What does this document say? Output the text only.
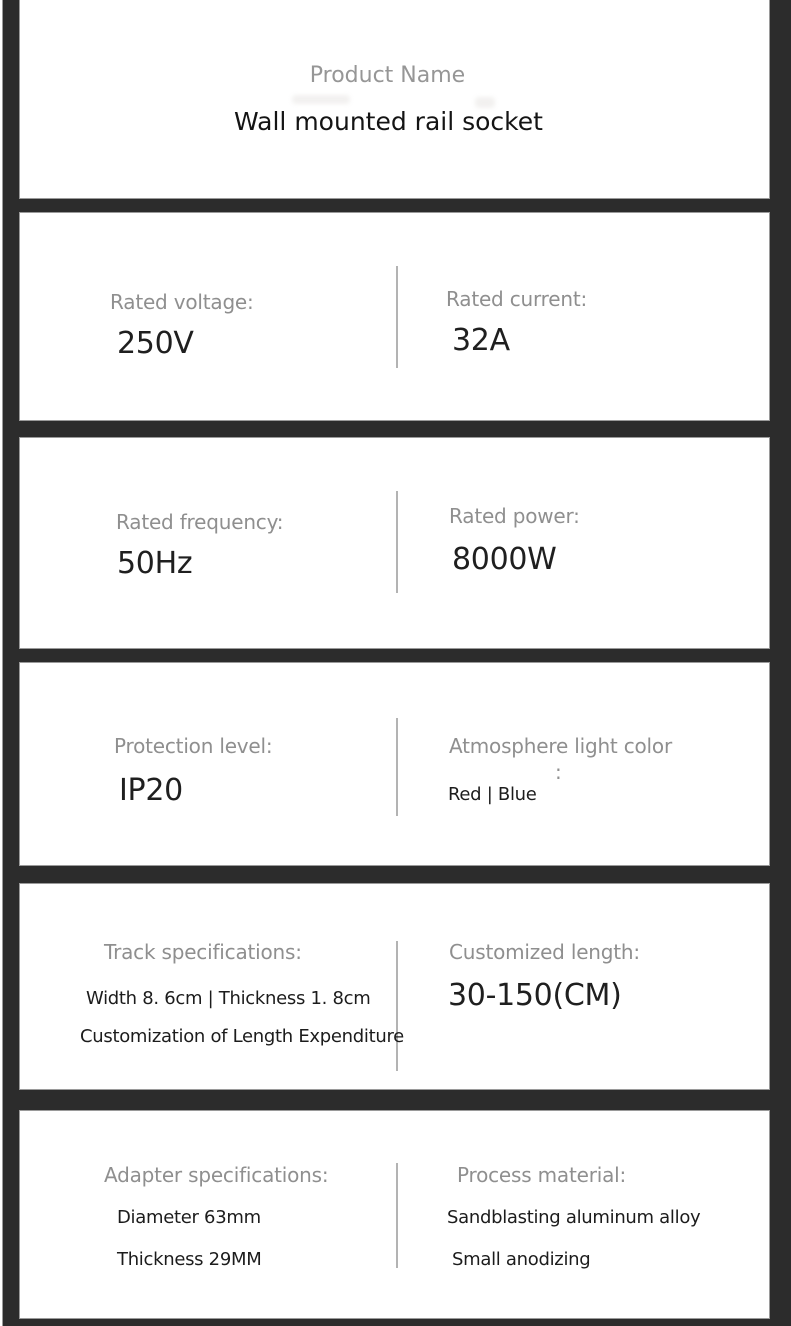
Product Name
Wall mounted rail socket
Rated voltage:
250V
Rated current:
32A
Rated frequency:
50Hz
Rated power:
8000W
Protection level:
IP20
Atmosphere light color
:
Red | Blue
Track specifications:
Width 8. 6cm | Thickness 1. 8cm
Customization of Length Expenditure
Customized length:
30-150(CM)
Adapter specifications:
Diameter 63mm
Thickness 29MM
Process material:
Sandblasting aluminum alloy
Small anodizing
